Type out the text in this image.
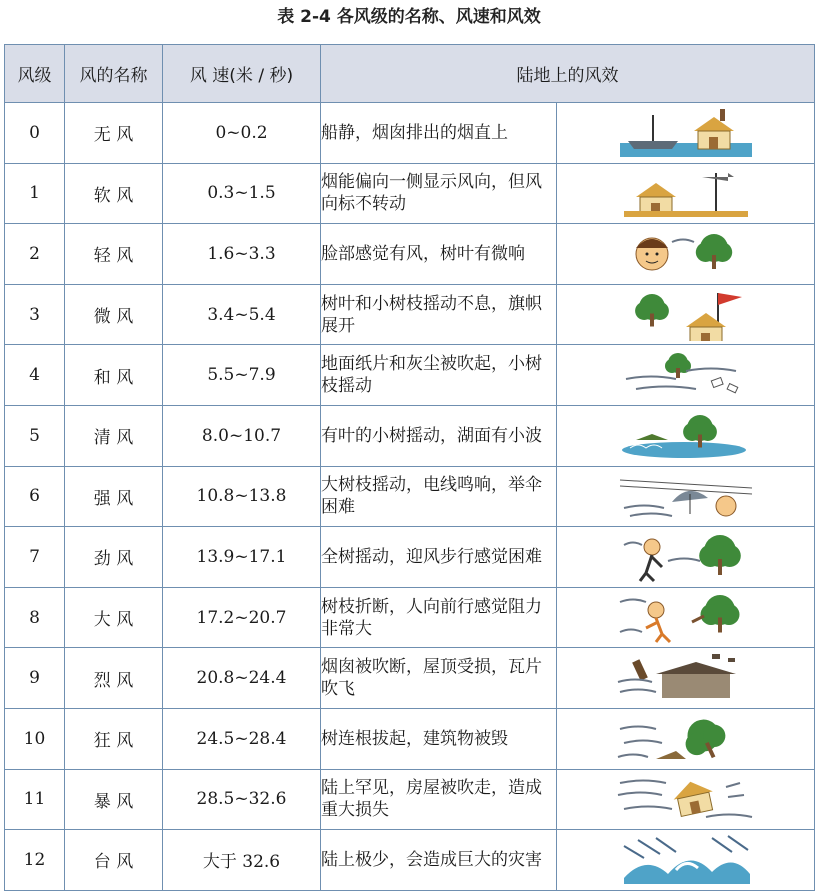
表 2-4 各风级的名称、风速和风效
风级	风的名称	风 速(米 / 秒)	陆地上的风效	
0	无 风	0~0.2	船静，烟囱排出的烟直上	

1	软 风	0.3~1.5	烟能偏向一侧显示风向，但风向标不转动	

2	轻 风	1.6~3.3	脸部感觉有风，树叶有微响	

3	微 风	3.4~5.4	树叶和小树枝摇动不息，旗帜展开	

4	和 风	5.5~7.9	地面纸片和灰尘被吹起，小树枝摇动	

5	清 风	8.0~10.7	有叶的小树摇动，湖面有小波	

6	强 风	10.8~13.8	大树枝摇动，电线鸣响，举伞困难	

7	劲 风	13.9~17.1	全树摇动，迎风步行感觉困难	

8	大 风	17.2~20.7	树枝折断，人向前行感觉阻力非常大	

9	烈 风	20.8~24.4	烟囱被吹断，屋顶受损，瓦片吹飞	

10	狂 风	24.5~28.4	树连根拔起，建筑物被毁	

11	暴 风	28.5~32.6	陆上罕见，房屋被吹走，造成重大损失	

12	台 风	大于 32.6	陆上极少，会造成巨大的灾害	
